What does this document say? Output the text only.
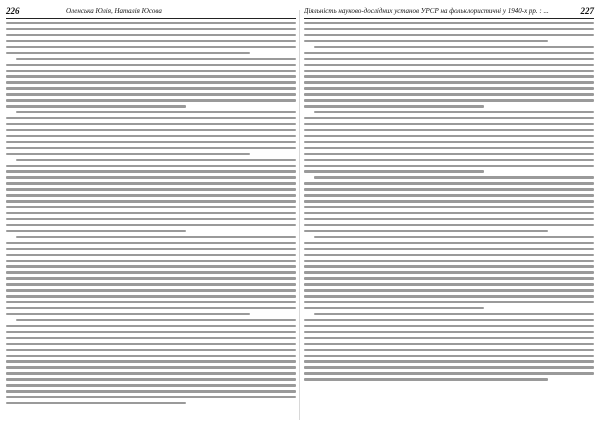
226	Оленська Юлія, Наталія Юсова	Діяльність науково-дослідних установ УРСР на фольклористичні у 1940-х рр. : ...	227
